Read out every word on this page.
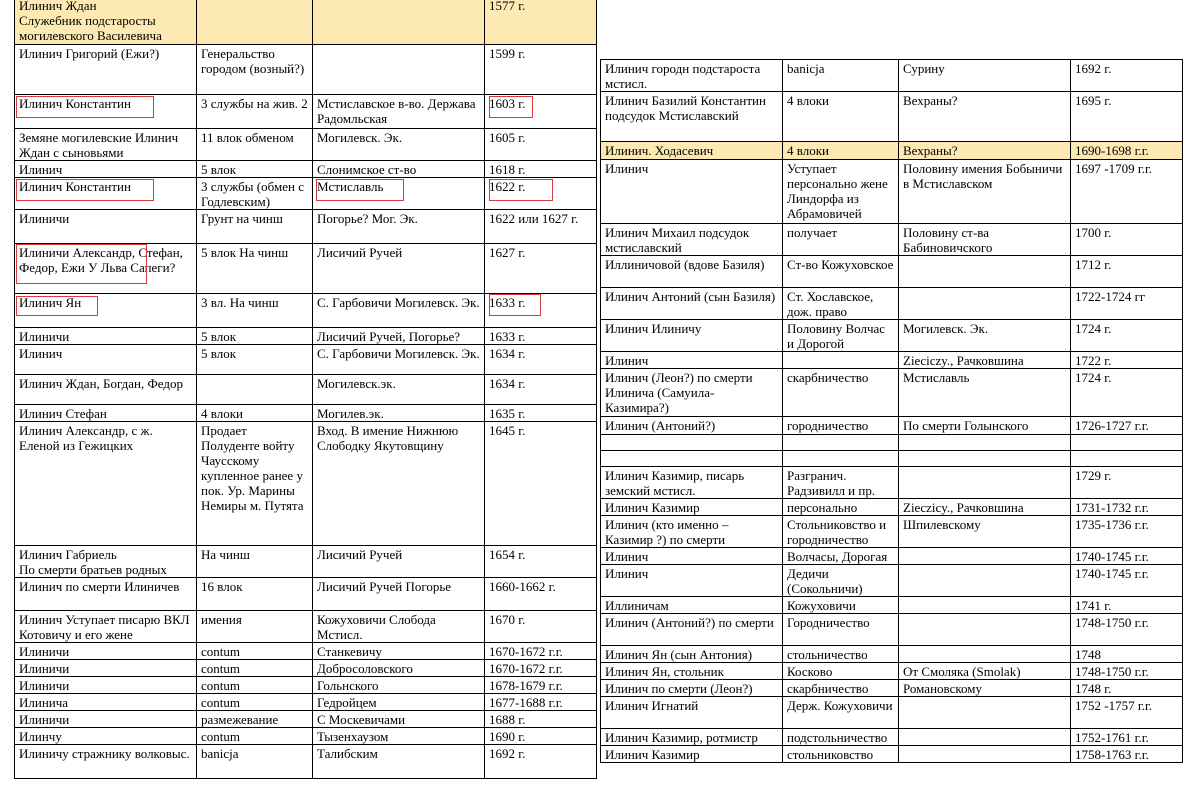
Илинич Ждан
Служебник подстаросты могилевского Василевича			1577 г.
Илинич Григорий (Ежи?)	Генеральство городом (возный?)		1599 г.
Илинич Константин	3 службы на жив. 2	Мстиславское в-во. Держава Радомльская	1603 г.
Земяне могилевские Илинич Ждан с сыновьями	11 влок обменом	Могилевск. Эк.	1605 г.
Илинич	5 влок	Слонимское ст-во	1618 г.
Илинич Константин	3 службы (обмен с Годлевским)	Мстиславль	1622 г.
Илиничи	Грунт на чинш	Погорье? Мог. Эк.	1622 или 1627 г.
Илиничи Александр, Стефан, Федор, Ежи У Льва Сапеги?	5 влок На чинш	Лисичий Ручей	1627 г.
Илинич Ян	3 вл. На чинш	С. Гарбовичи Могилевск. Эк.	1633 г.
Илиничи	5 влок	Лисичий Ручей, Погорье?	1633 г.
Илинич	5 влок	С. Гарбовичи Могилевск. Эк.	1634 г.
Илинич Ждан, Богдан, Федор		Могилевск.эк.	1634 г.
Илинич Стефан	4 влоки	Могилев.эк.	1635 г.
Илинич Александр, с ж. Еленой из Гежицких	Продает Полуденте войту Чаусскому купленное ранее у пок. Ур. Марины Немиры м. Путята	Вход. В имение Нижнюю Слободку Якутовщину	1645 г.
Илинич Габриель
По смерти братьев родных	На чинш	Лисичий Ручей	1654 г.
Илинич по смерти Илиничев	16 влок	Лисичий Ручей Погорье	1660-1662 г.
Илинич Уступает писарю ВКЛ Котовичу и его жене	имения	Кожуховичи Слобода Мстисл.	1670 г.
Илиничи	contum	Станкевичу	1670-1672 г.г.
Илиничи	contum	Добросоловского	1670-1672 г.г.
Илиничи	contum	Гольнского	1678-1679 г.г.
Илинича	contum	Гедройцем	1677-1688 г.г.
Илиничи	размежевание	С Москевичами	1688 г.
Илинчу	contum	Тызенхаузом	1690 г.
Илиничу стражнику волковыс.	banicja	Талибским	1692 г.
Илинич городн подстароста мстисл.	banicja	Сурину	1692 г.
Илинич Базилий Константин подсудок Мстиславский	4 влоки	Вехраны?	1695 г.
Илинич. Ходасевич	4 влоки	Вехраны?	1690-1698 г.г.
Илинич	Уступает персонально жене Линдорфа из Абрамовичей	Половину имения Бобыничи в Мстиславском	1697 -1709 г.г.
Илинич Михаил подсудок мстиславский	получает	Половину ст-ва Бабиновичского	1700 г.
Иллиничовой (вдове Базиля)	Ст-во Кожуховское		1712 г.
Илинич Антоний (сын Базиля)	Ст. Хославское, дож. право		1722-1724 гг
Илинич Илиничу	Половину Волчас и Дорогой	Могилевск. Эк.	1724 г.
Илинич		Zieciczy., Рачковшина	1722 г.
Илинич (Леон?) по смерти Илинича (Самуила-Казимира?)	скарбничество	Мстиславль	1724 г.
Илинич (Антоний?)	городничество	По смерти Голынского	1726-1727 г.г.

Илинич Казимир, писарь земский мстисл.	Разгранич. Радзивилл и пр.		1729 г.
Илинич Казимир	персонально	Zieczicy., Рачковшина	1731-1732 г.г.
Илинич (кто именно – Казимир ?) по смерти	Стольниковство и городничество	Шпилевскому	1735-1736 г.г.
Илинич	Волчасы, Дорогая		1740-1745 г.г.
Илинич	Дедичи (Сокольничи)		1740-1745 г.г.
Иллиничам	Кожуховичи		1741 г.
Илинич (Антоний?) по смерти	Городничество		1748-1750 г.г.
Илинич Ян (сын Антония)	стольничество		1748
Илинич Ян, стольник	Косково	От Смоляка (Smolak)	1748-1750 г.г.
Илинич по смерти (Леон?)	скарбничество	Романовскому	1748 г.
Илинич Игнатий	Держ. Кожуховичи		1752 -1757 г.г.
Илинич Казимир, ротмистр	подстольничество		1752-1761 г.г.
Илинич Казимир	стольниковство		1758-1763 г.г.
